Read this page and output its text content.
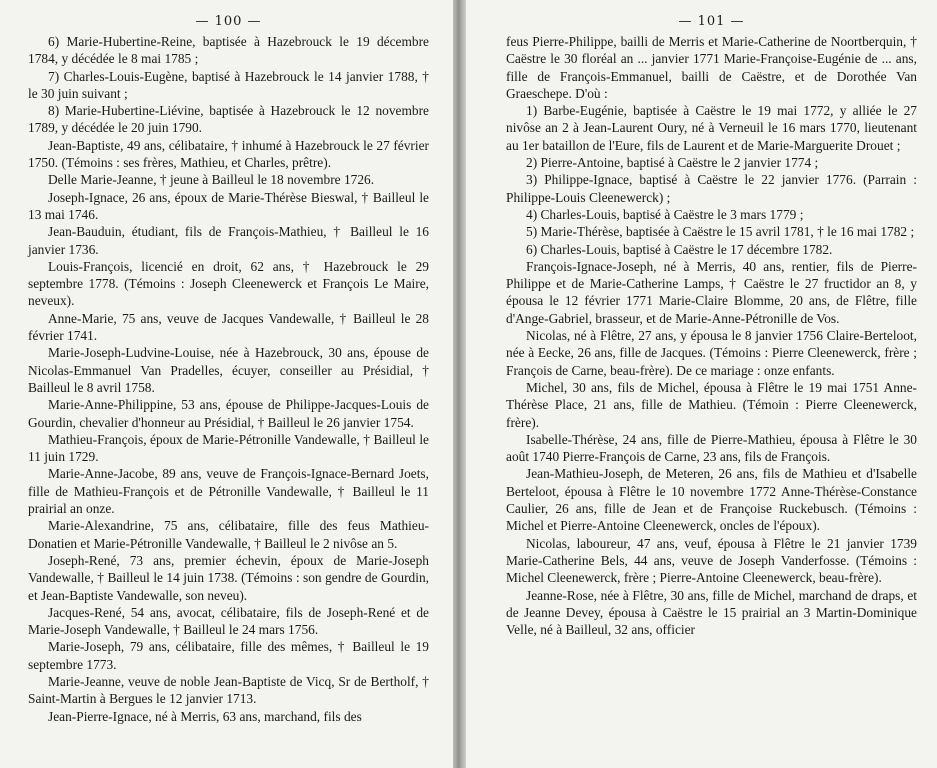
— 100 —

6) Marie-Hubertine-Reine, baptisée à Hazebrouck le 19 décembre 1784, y décédée le 8 mai 1785 ;

7) Charles-Louis-Eugène, baptisé à Hazebrouck le 14 janvier 1788, † le 30 juin suivant ;

8) Marie-Hubertine-Liévine, baptisée à Hazebrouck le 12 novembre 1789, y décédée le 20 juin 1790.

Jean-Baptiste, 49 ans, célibataire, † inhumé à Hazebrouck le 27 février 1750. (Témoins : ses frères, Mathieu, et Charles, prêtre).

Delle Marie-Jeanne, † jeune à Bailleul le 18 novembre 1726.

Joseph-Ignace, 26 ans, époux de Marie-Thérèse Bieswal, † Bailleul le 13 mai 1746.

Jean-Bauduin, étudiant, fils de François-Mathieu, † Bailleul le 16 janvier 1736.

Louis-François, licencié en droit, 62 ans, † Hazebrouck le 29 septembre 1778. (Témoins : Joseph Cleenewerck et François Le Maire, neveux).

Anne-Marie, 75 ans, veuve de Jacques Vandewalle, † Bailleul le 28 février 1741.

Marie-Joseph-Ludvine-Louise, née à Hazebrouck, 30 ans, épouse de Nicolas-Emmanuel Van Pradelles, écuyer, conseiller au Présidial, † Bailleul le 8 avril 1758.

Marie-Anne-Philippine, 53 ans, épouse de Philippe-Jacques-Louis de Gourdin, chevalier d'honneur au Présidial, † Bailleul le 26 janvier 1754.

Mathieu-François, époux de Marie-Pétronille Vandewalle, † Bailleul le 11 juin 1729.

Marie-Anne-Jacobe, 89 ans, veuve de François-Ignace-Bernard Joets, fille de Mathieu-François et de Pétronille Vandewalle, † Bailleul le 11 prairial an onze.

Marie-Alexandrine, 75 ans, célibataire, fille des feus Mathieu-Donatien et Marie-Pétronille Vandewalle, † Bailleul le 2 nivôse an 5.

Joseph-René, 73 ans, premier échevin, époux de Marie-Joseph Vandewalle, † Bailleul le 14 juin 1738. (Témoins : son gendre de Gourdin, et Jean-Baptiste Vandewalle, son neveu).

Jacques-René, 54 ans, avocat, célibataire, fils de Joseph-René et de Marie-Joseph Vandewalle, † Bailleul le 24 mars 1756.

Marie-Joseph, 79 ans, célibataire, fille des mêmes, † Bailleul le 19 septembre 1773.

Marie-Jeanne, veuve de noble Jean-Baptiste de Vicq, Sr de Bertholf, † Saint-Martin à Bergues le 12 janvier 1713.

Jean-Pierre-Ignace, né à Merris, 63 ans, marchand, fils des

— 101 —

feus Pierre-Philippe, bailli de Merris et Marie-Catherine de Noortberquin, † Caëstre le 30 floréal an ... janvier 1771 Marie-Françoise-Eugénie de ... ans, fille de François-Emmanuel, bailli de Caëstre, et de Dorothée Van Graeschepe. D'où :

1) Barbe-Eugénie, baptisée à Caëstre le 19 mai 1772, y alliée le 27 nivôse an 2 à Jean-Laurent Oury, né à Verneuil le 16 mars 1770, lieutenant au 1er bataillon de l'Eure, fils de Laurent et de Marie-Marguerite Drouet ;

2) Pierre-Antoine, baptisé à Caëstre le 2 janvier 1774 ;

3) Philippe-Ignace, baptisé à Caëstre le 22 janvier 1776. (Parrain : Philippe-Louis Cleenewerck) ;

4) Charles-Louis, baptisé à Caëstre le 3 mars 1779 ;

5) Marie-Thérèse, baptisée à Caëstre le 15 avril 1781, † le 16 mai 1782 ;

6) Charles-Louis, baptisé à Caëstre le 17 décembre 1782.

François-Ignace-Joseph, né à Merris, 40 ans, rentier, fils de Pierre-Philippe et de Marie-Catherine Lamps, † Caëstre le 27 fructidor an 8, y épousa le 12 février 1771 Marie-Claire Blomme, 20 ans, de Flêtre, fille d'Ange-Gabriel, brasseur, et de Marie-Anne-Pétronille de Vos.

Nicolas, né à Flêtre, 27 ans, y épousa le 8 janvier 1756 Claire-Berteloot, née à Eecke, 26 ans, fille de Jacques. (Témoins : Pierre Cleenewerck, frère ; François de Carne, beau-frère). De ce mariage : onze enfants.

Michel, 30 ans, fils de Michel, épousa à Flêtre le 19 mai 1751 Anne-Thérèse Place, 21 ans, fille de Mathieu. (Témoin : Pierre Cleenewerck, frère).

Isabelle-Thérèse, 24 ans, fille de Pierre-Mathieu, épousa à Flêtre le 30 août 1740 Pierre-François de Carne, 23 ans, fils de François.

Jean-Mathieu-Joseph, de Meteren, 26 ans, fils de Mathieu et d'Isabelle Berteloot, épousa à Flêtre le 10 novembre 1772 Anne-Thérèse-Constance Caulier, 26 ans, fille de Jean et de Françoise Ruckebusch. (Témoins : Michel et Pierre-Antoine Cleenewerck, oncles de l'époux).

Nicolas, laboureur, 47 ans, veuf, épousa à Flêtre le 21 janvier 1739 Marie-Catherine Bels, 44 ans, veuve de Joseph Vanderfosse. (Témoins : Michel Cleenewerck, frère ; Pierre-Antoine Cleenewerck, beau-frère).

Jeanne-Rose, née à Flêtre, 30 ans, fille de Michel, marchand de draps, et de Jeanne Devey, épousa à Caëstre le 15 prairial an 3 Martin-Dominique Velle, né à Bailleul, 32 ans, officier
